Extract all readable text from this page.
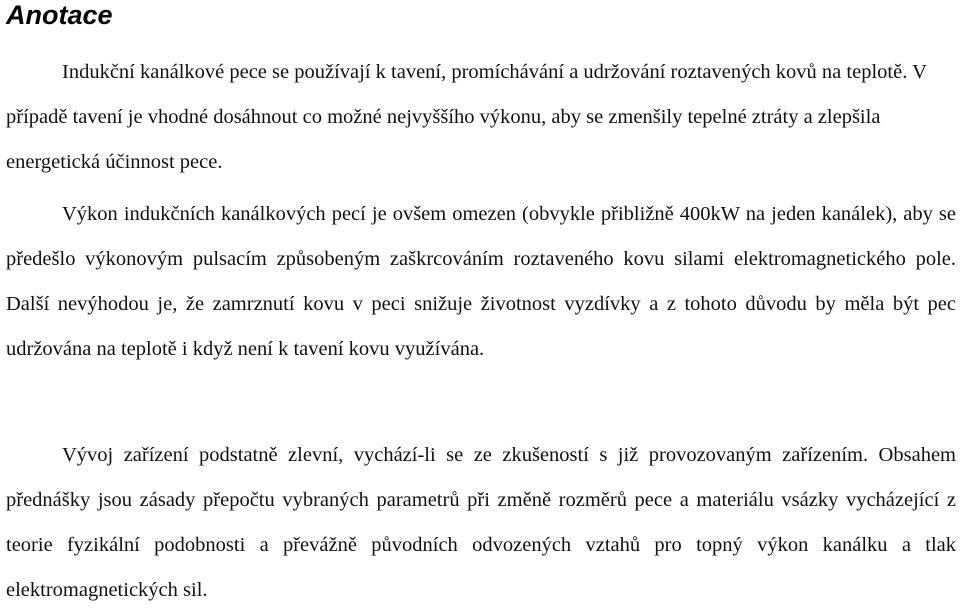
Anotace

Indukční kanálkové pece se používají k tavení, promíchávání a udržování roztavených kovů na teplotě. V případě tavení je vhodné dosáhnout co možné nejvyššího výkonu, aby se zmenšily tepelné ztráty a zlepšila energetická účinnost pece.

Výkon indukčních kanálkových pecí je ovšem omezen (obvykle přibližně 400kW na jeden kanálek), aby se předešlo výkonovým pulsacím způsobeným zaškrcováním roztaveného kovu silami elektromagnetického pole. Další nevýhodou je, že zamrznutí kovu v peci snižuje životnost vyzdívky a z tohoto důvodu by měla být pec udržována na teplotě i když není k tavení kovu využívána.

Vývoj zařízení podstatně zlevní, vychází-li se ze zkušeností s již provozovaným zařízením. Obsahem přednášky jsou zásady přepočtu vybraných parametrů při změně rozměrů pece a materiálu vsázky vycházející z teorie fyzikální podobnosti a převážně původních odvozených vztahů pro topný výkon kanálku a tlak elektromagnetických sil.
